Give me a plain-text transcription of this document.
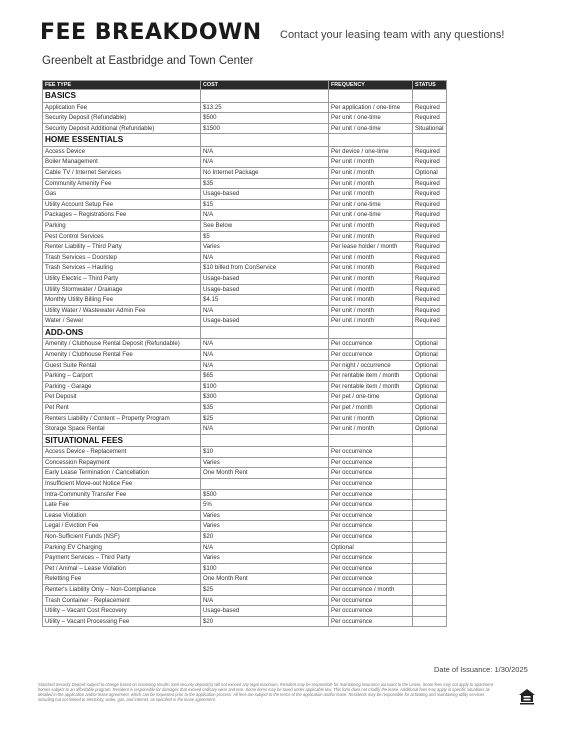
FEE BREAKDOWN Contact your leasing team with any questions!
Greenbelt at Eastbridge and Town Center
FEE TYPE	COST	FREQUENCY	STATUS
BASICS			
Application Fee	$13.25	Per application / one-time	Required
Security Deposit (Refundable)	$500	Per unit / one-time	Required
Security Deposit Additional (Refundable)	$1500	Per unit / one-time	Situational
HOME ESSENTIALS			
Access Device	N/A	Per device / one-time	Required
Boiler Management	N/A	Per unit / month	Required
Cable TV / Internet Services	No Internet Package	Per unit / month	Optional
Community Amenity Fee	$35	Per unit / month	Required
Gas	Usage-based	Per unit / month	Required
Utility Account Setup Fee	$15	Per unit / one-time	Required
Packages – Registrations Fee	N/A	Per unit / one-time	Required
Parking	See Below	Per unit / month	Required
Pest Control Services	$5	Per unit / month	Required
Renter Liability – Third Party	Varies	Per lease holder / month	Required
Trash Services – Doorstep	N/A	Per unit / month	Required
Trash Services – Hauling	$10 billed from ConService	Per unit / month	Required
Utility Electric – Third Party	Usage-based	Per unit / month	Required
Utility Stormwater / Drainage	Usage-based	Per unit / month	Required
Monthly Utility Billing Fee	$4.15	Per unit / month	Required
Utility Water / Wastewater Admin Fee	N/A	Per unit / month	Required
Water / Sewer	Usage-based	Per unit / month	Required
ADD-ONS			
Amenity / Clubhouse Rental Deposit (Refundable)	N/A	Per occurrence	Optional
Amenity / Clubhouse Rental Fee	N/A	Per occurrence	Optional
Guest Suite Rental	N/A	Per night / occurrence	Optional
Parking – Carport	$65	Per rentable item / month	Optional
Parking - Garage	$100	Per rentable item / month	Optional
Pet Deposit	$300	Per pet / one-time	Optional
Pet Rent	$35	Per pet / month	Optional
Renters Liability / Content – Property Program	$25	Per unit / month	Optional
Storage Space Rental	N/A	Per unit / month	Optional
SITUATIONAL FEES			
Access Device - Replacement	$10	Per occurrence	
Concession Repayment	Varies	Per occurrence	
Early Lease Termination / Cancellation	One Month Rent	Per occurrence	
Insufficient Move-out Notice Fee		Per occurrence	
Intra-Community Transfer Fee	$500	Per occurrence	
Late Fee	5%	Per occurrence	
Lease Violation	Varies	Per occurrence	
Legal / Eviction Fee	Varies	Per occurrence	
Non-Sufficient Funds (NSF)	$20	Per occurrence	
Parking EV Charging	N/A	Optional	
Payment Services – Third Party	Varies	Per occurrence	
Pet / Animal – Lease Violation	$100	Per occurrence	
Reletting Fee	One Month Rent	Per occurrence	
Renter's Liability Only – Non-Compliance	$25	Per occurrence / month	
Trash Container - Replacement	N/A	Per occurrence	
Utility – Vacant Cost Recovery	Usage-based	Per occurrence	
Utility – Vacant Processing Fee	$20	Per occurrence	
Date of Issuance: 1/30/2025
Standard Security Deposit subject to change based on screening results; total security deposit(s) will not exceed any legal maximum. Resident may be responsible for maintaining insurance pursuant to the Lease. Some fees may not apply to apartment homes subject to an affordable program. Resident is responsible for damages that exceed ordinary wear and tear. Some items may be taxed under applicable law. This form does not modify the lease. Additional fees may apply in specific situations as detailed in the application and/or lease agreement, which can be requested prior to the application process. All fees are subject to the terms of the application and/or lease. Residents may be responsible for activating and maintaining utility services including but not limited to electricity, water, gas, and internet, as specified in the lease agreement.
